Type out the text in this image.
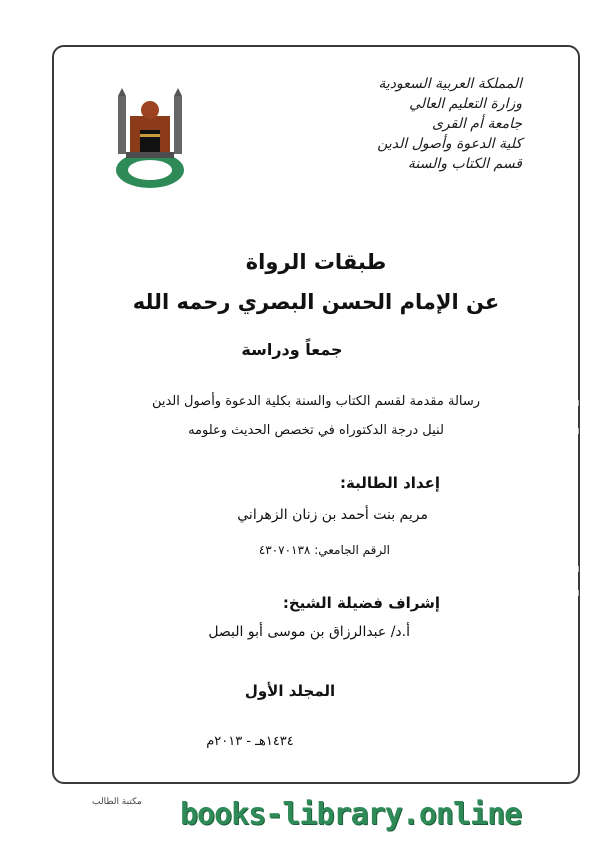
المملكة العربية السعودية
وزارة التعليم العالي
جامعة أم القرى
كلية الدعوة وأصول الدين
قسم الكتاب والسنة
طبقات الرواة
عن الإمام الحسن البصري رحمه الله
جمعاً ودراسة
رسالة مقدمة لقسم الكتاب والسنة بكلية الدعوة وأصول الدين
لنيل درجة الدكتوراه في تخصص الحديث وعلومه
إعداد الطالبة:
مريم بنت أحمد بن زنان الزهراني
الرقم الجامعي: ٤٣٠٧٠١٣٨
إشراف فضيلة الشيخ:
أ.د/ عبدالرزاق بن موسى أبو البصل
المجلد الأول
١٤٣٤هـ - ٢٠١٣م
مكتبة الطالب books-library.online
